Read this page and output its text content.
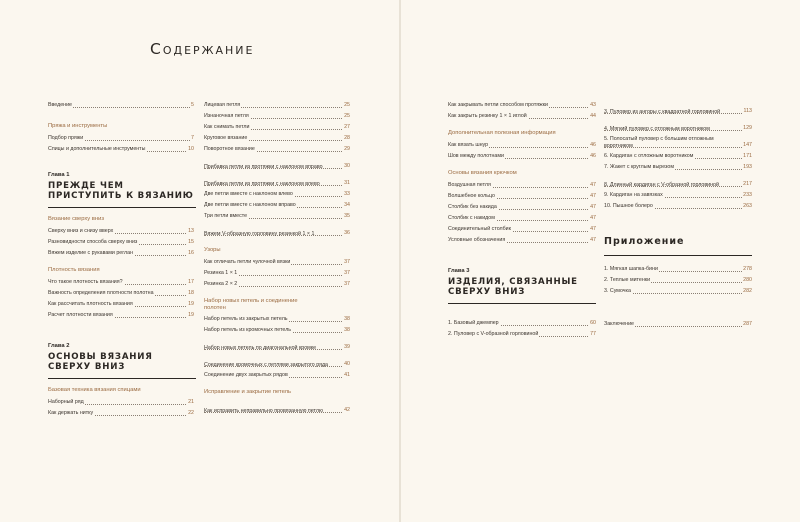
Содержание
Введение	5
Пряжа и инструменты
Подбор пряжи	7
Спицы и дополнительные инструменты	10
Глава 1
ПРЕЖДЕ ЧЕМ ПРИСТУПИТЬ К ВЯЗАНИЮ
Вязание сверху вниз
Сверху вниз и снизу вверх	13
Разновидности способа сверху вниз	15
Вяжем изделие с рукавами реглан	16
Плотность вязания
Что такое плотность вязания?	17
Важность определения плотности полотна	18
Как рассчитать плотность вязания	19
Расчет плотности вязания	19
Глава 2
ОСНОВЫ ВЯЗАНИЯ СВЕРХУ ВНИЗ
Базовая техника вязания спицами
Наборный ряд	21
Как держать нитку	22
Лицевая петля	25
Изнаночная петля	25
Как снимать петли	27
Круговое вязание	28
Поворотное вязание	29
Прибавка петли из протяжки с наклоном вправо	30
Прибавка петли из протяжки с наклоном влево	31
Две петли вместе с наклоном влево	33
Две петли вместе с наклоном вправо	34
Три петли вместе	35
Вяжем V-образную горловину резинкой 1 × 1	36
Узоры
Как отличать петли чулочной вязки	37
Резинка 1 × 1	37
Резинка 2 × 2	37
Набор новых петель и соединение полотен
Набор петель из закрытых петель	38
Набор петель из кромочных петель	38
Набор новых петель по диагональной кромке	39
Соединение кромочных с петлями закрытого ряда	40
Соединение двух закрытых рядов	41
Исправление и закрытие петель
Как исправить неправильно провязанную петлю	42
Как закрывать петли способом протяжки	43
Как закрыть резинку 1 × 1 иглой	44
Дополнительная полезная информация
Как вязать шнур	46
Шов между полотнами	46
Основы вязания крючком
Воздушная петля	47
Волшебное кольцо	47
Столбик без накида	47
Столбик с накидом	47
Соединительный столбик	47
Условные обозначения	47
Глава 3
ИЗДЕЛИЯ, СВЯЗАННЫЕ СВЕРХУ ВНИЗ
1. Базовый джемпер	60
2. Пуловер с V-образной горловиной	77
3. Пуловер из ангоры с квадратной горловиной	113
4. Мягкий пуловер с отложным воротником	129
5. Полосатый пуловер с большим отложным воротником	147
6. Кардиган с отложным воротником	171
7. Жакет с круглым вырезом	193
8. Длинный кардиган с V-образной горловиной	217
9. Кардиган на завязках	233
10. Пышное болеро	263
Приложение
1. Мягкая шапка-бини	278
2. Теплые митенки	280
3. Сумочка	282
Заключение	287
